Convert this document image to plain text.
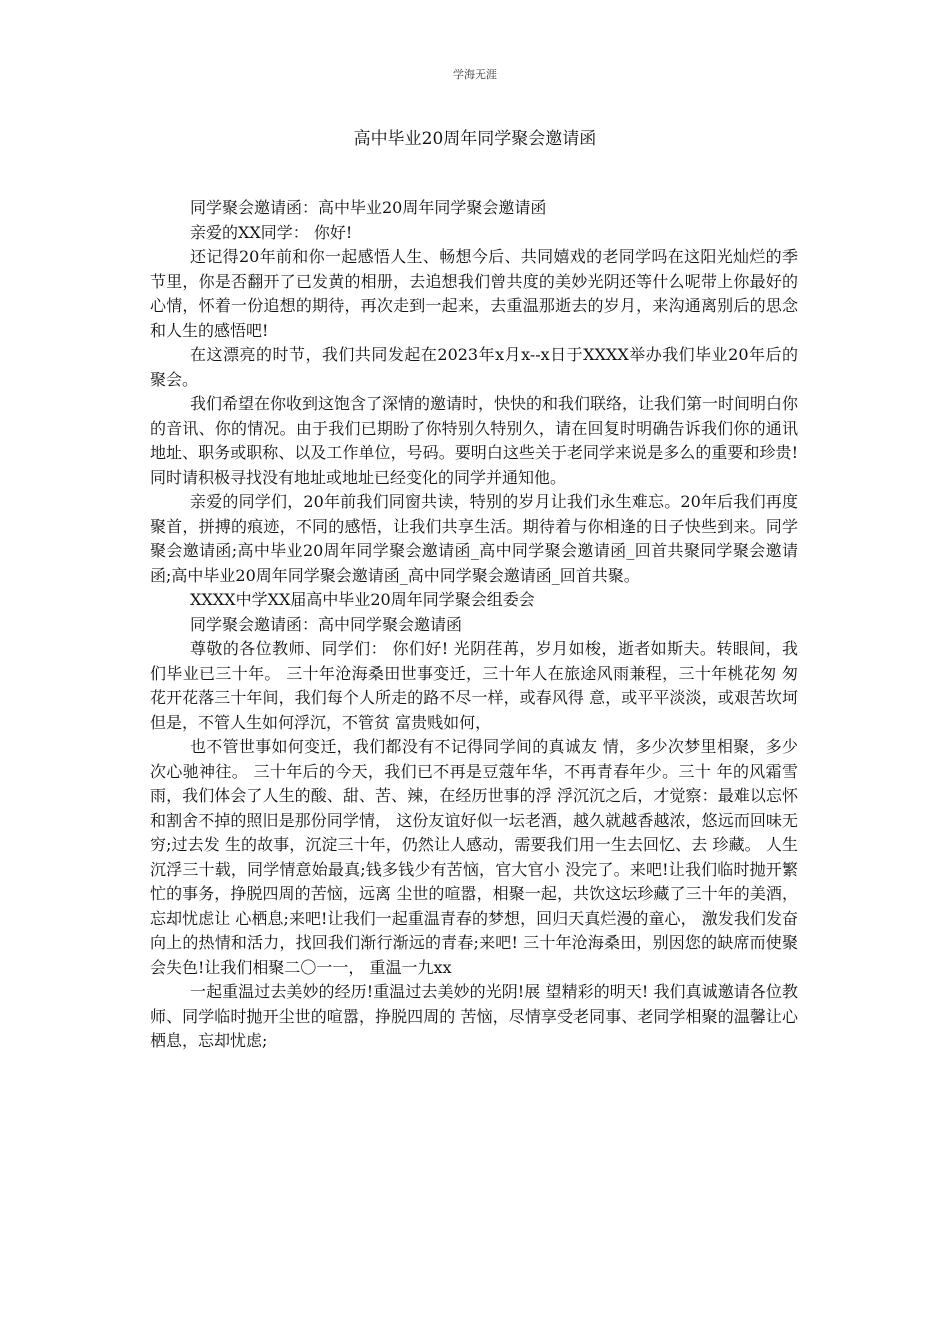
学海无涯
高中毕业20周年同学聚会邀请函

同学聚会邀请函：高中毕业20周年同学聚会邀请函

亲爱的XX同学： 你好!

还记得20年前和你一起感悟人生、畅想今后、共同嬉戏的老同学吗在这阳光灿烂的季节里，你是否翻开了已发黄的相册，去追想我们曾共度的美妙光阴还等什么呢带上你最好的心情，怀着一份追想的期待，再次走到一起来，去重温那逝去的岁月，来沟通离别后的思念和人生的感悟吧!

在这漂亮的时节，我们共同发起在2023年x月x--x日于XXXX举办我们毕业20年后的聚会。

我们希望在你收到这饱含了深情的邀请时，快快的和我们联络，让我们第一时间明白你的音讯、你的情况。由于我们已期盼了你特别久特别久，请在回复时明确告诉我们你的通讯地址、职务或职称、以及工作单位，号码。要明白这些关于老同学来说是多么的重要和珍贵!同时请积极寻找没有地址或地址已经变化的同学并通知他。

亲爱的同学们，20年前我们同窗共读，特别的岁月让我们永生难忘。20年后我们再度聚首，拼搏的痕迹，不同的感悟，让我们共享生活。期待着与你相逢的日子快些到来。同学聚会邀请函;高中毕业20周年同学聚会邀请函_高中同学聚会邀请函_回首共聚同学聚会邀请函;高中毕业20周年同学聚会邀请函_高中同学聚会邀请函_回首共聚。

XXXX中学XX届高中毕业20周年同学聚会组委会

同学聚会邀请函：高中同学聚会邀请函

尊敬的各位教师、同学们： 你们好! 光阴荏苒，岁月如梭，逝者如斯夫。转眼间，我们毕业已三十年。 三十年沧海桑田世事变迁，三十年人在旅途风雨兼程，三十年桃花匆 匆花开花落三十年间，我们每个人所走的路不尽一样，或春风得 意，或平平淡淡，或艰苦坎坷但是，不管人生如何浮沉，不管贫 富贵贱如何，

也不管世事如何变迁，我们都没有不记得同学间的真诚友 情，多少次梦里相聚，多少次心驰神往。 三十年后的今天，我们已不再是豆蔻年华，不再青春年少。三十 年的风霜雪雨，我们体会了人生的酸、甜、苦、辣，在经历世事的浮 浮沉沉之后，才觉察：最难以忘怀和割舍不掉的照旧是那份同学情， 这份友谊好似一坛老酒，越久就越香越浓，悠远而回味无穷;过去发 生的故事，沉淀三十年，仍然让人感动，需要我们用一生去回忆、去 珍藏。 人生沉浮三十载，同学情意始最真;钱多钱少有苦恼，官大官小 没完了。来吧!让我们临时抛开繁忙的事务，挣脱四周的苦恼，远离 尘世的喧嚣，相聚一起，共饮这坛珍藏了三十年的美酒，忘却忧虑让 心栖息;来吧!让我们一起重温青春的梦想，回归天真烂漫的童心， 激发我们发奋向上的热情和活力，找回我们渐行渐远的青春;来吧! 三十年沧海桑田，别因您的缺席而使聚会失色!让我们相聚二〇一一， 重温一九xx

一起重温过去美妙的经历!重温过去美妙的光阴!展 望精彩的明天! 我们真诚邀请各位教师、同学临时抛开尘世的喧嚣，挣脱四周的 苦恼，尽情享受老同事、老同学相聚的温馨让心栖息，忘却忧虑;
